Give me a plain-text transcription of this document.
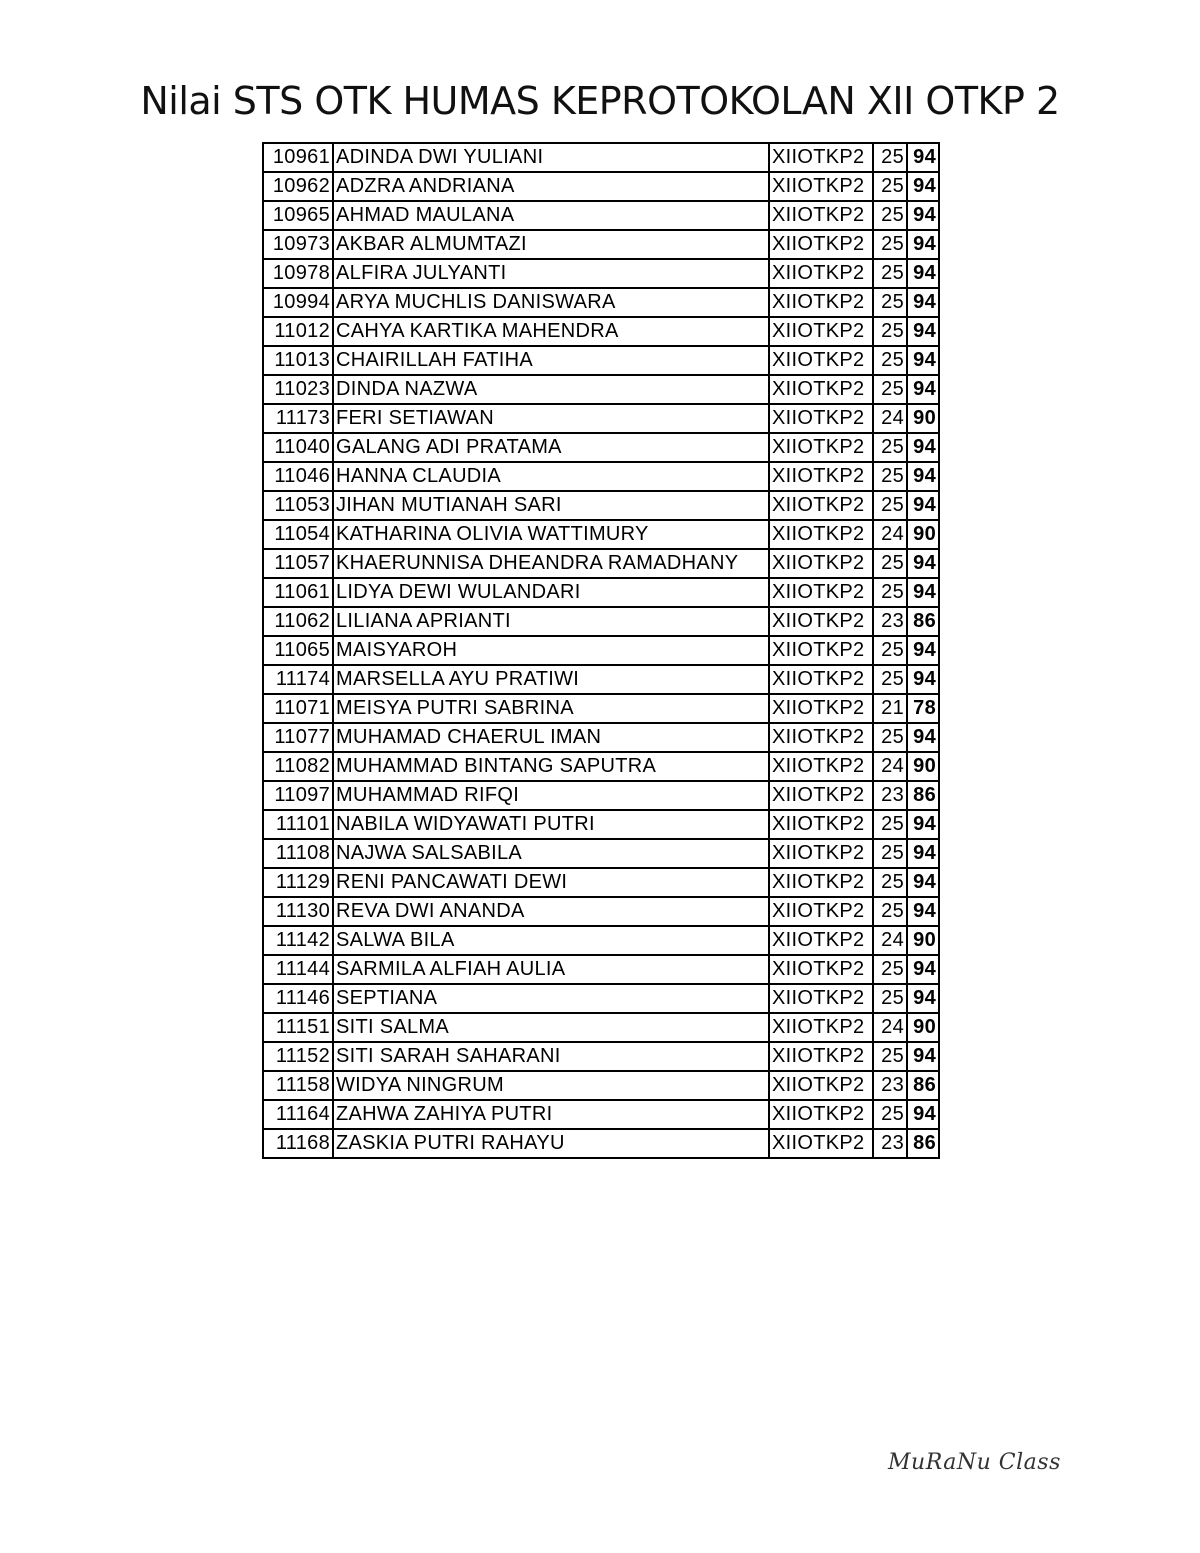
Nilai STS OTK HUMAS KEPROTOKOLAN XII OTKP 2
10961	ADINDA DWI YULIANI	XIIOTKP2	25	94
10962	ADZRA ANDRIANA	XIIOTKP2	25	94
10965	AHMAD MAULANA	XIIOTKP2	25	94
10973	AKBAR ALMUMTAZI	XIIOTKP2	25	94
10978	ALFIRA JULYANTI	XIIOTKP2	25	94
10994	ARYA MUCHLIS DANISWARA	XIIOTKP2	25	94
11012	CAHYA KARTIKA MAHENDRA	XIIOTKP2	25	94
11013	CHAIRILLAH FATIHA	XIIOTKP2	25	94
11023	DINDA NAZWA	XIIOTKP2	25	94
11173	FERI SETIAWAN	XIIOTKP2	24	90
11040	GALANG ADI PRATAMA	XIIOTKP2	25	94
11046	HANNA CLAUDIA	XIIOTKP2	25	94
11053	JIHAN MUTIANAH SARI	XIIOTKP2	25	94
11054	KATHARINA OLIVIA WATTIMURY	XIIOTKP2	24	90
11057	KHAERUNNISA DHEANDRA RAMADHANY	XIIOTKP2	25	94
11061	LIDYA DEWI WULANDARI	XIIOTKP2	25	94
11062	LILIANA APRIANTI	XIIOTKP2	23	86
11065	MAISYAROH	XIIOTKP2	25	94
11174	MARSELLA AYU PRATIWI	XIIOTKP2	25	94
11071	MEISYA PUTRI SABRINA	XIIOTKP2	21	78
11077	MUHAMAD CHAERUL IMAN	XIIOTKP2	25	94
11082	MUHAMMAD BINTANG SAPUTRA	XIIOTKP2	24	90
11097	MUHAMMAD RIFQI	XIIOTKP2	23	86
11101	NABILA WIDYAWATI PUTRI	XIIOTKP2	25	94
11108	NAJWA SALSABILA	XIIOTKP2	25	94
11129	RENI PANCAWATI DEWI	XIIOTKP2	25	94
11130	REVA DWI ANANDA	XIIOTKP2	25	94
11142	SALWA BILA	XIIOTKP2	24	90
11144	SARMILA ALFIAH AULIA	XIIOTKP2	25	94
11146	SEPTIANA	XIIOTKP2	25	94
11151	SITI SALMA	XIIOTKP2	24	90
11152	SITI SARAH SAHARANI	XIIOTKP2	25	94
11158	WIDYA NINGRUM	XIIOTKP2	23	86
11164	ZAHWA ZAHIYA PUTRI	XIIOTKP2	25	94
11168	ZASKIA PUTRI RAHAYU	XIIOTKP2	23	86
MuRaNu Class
